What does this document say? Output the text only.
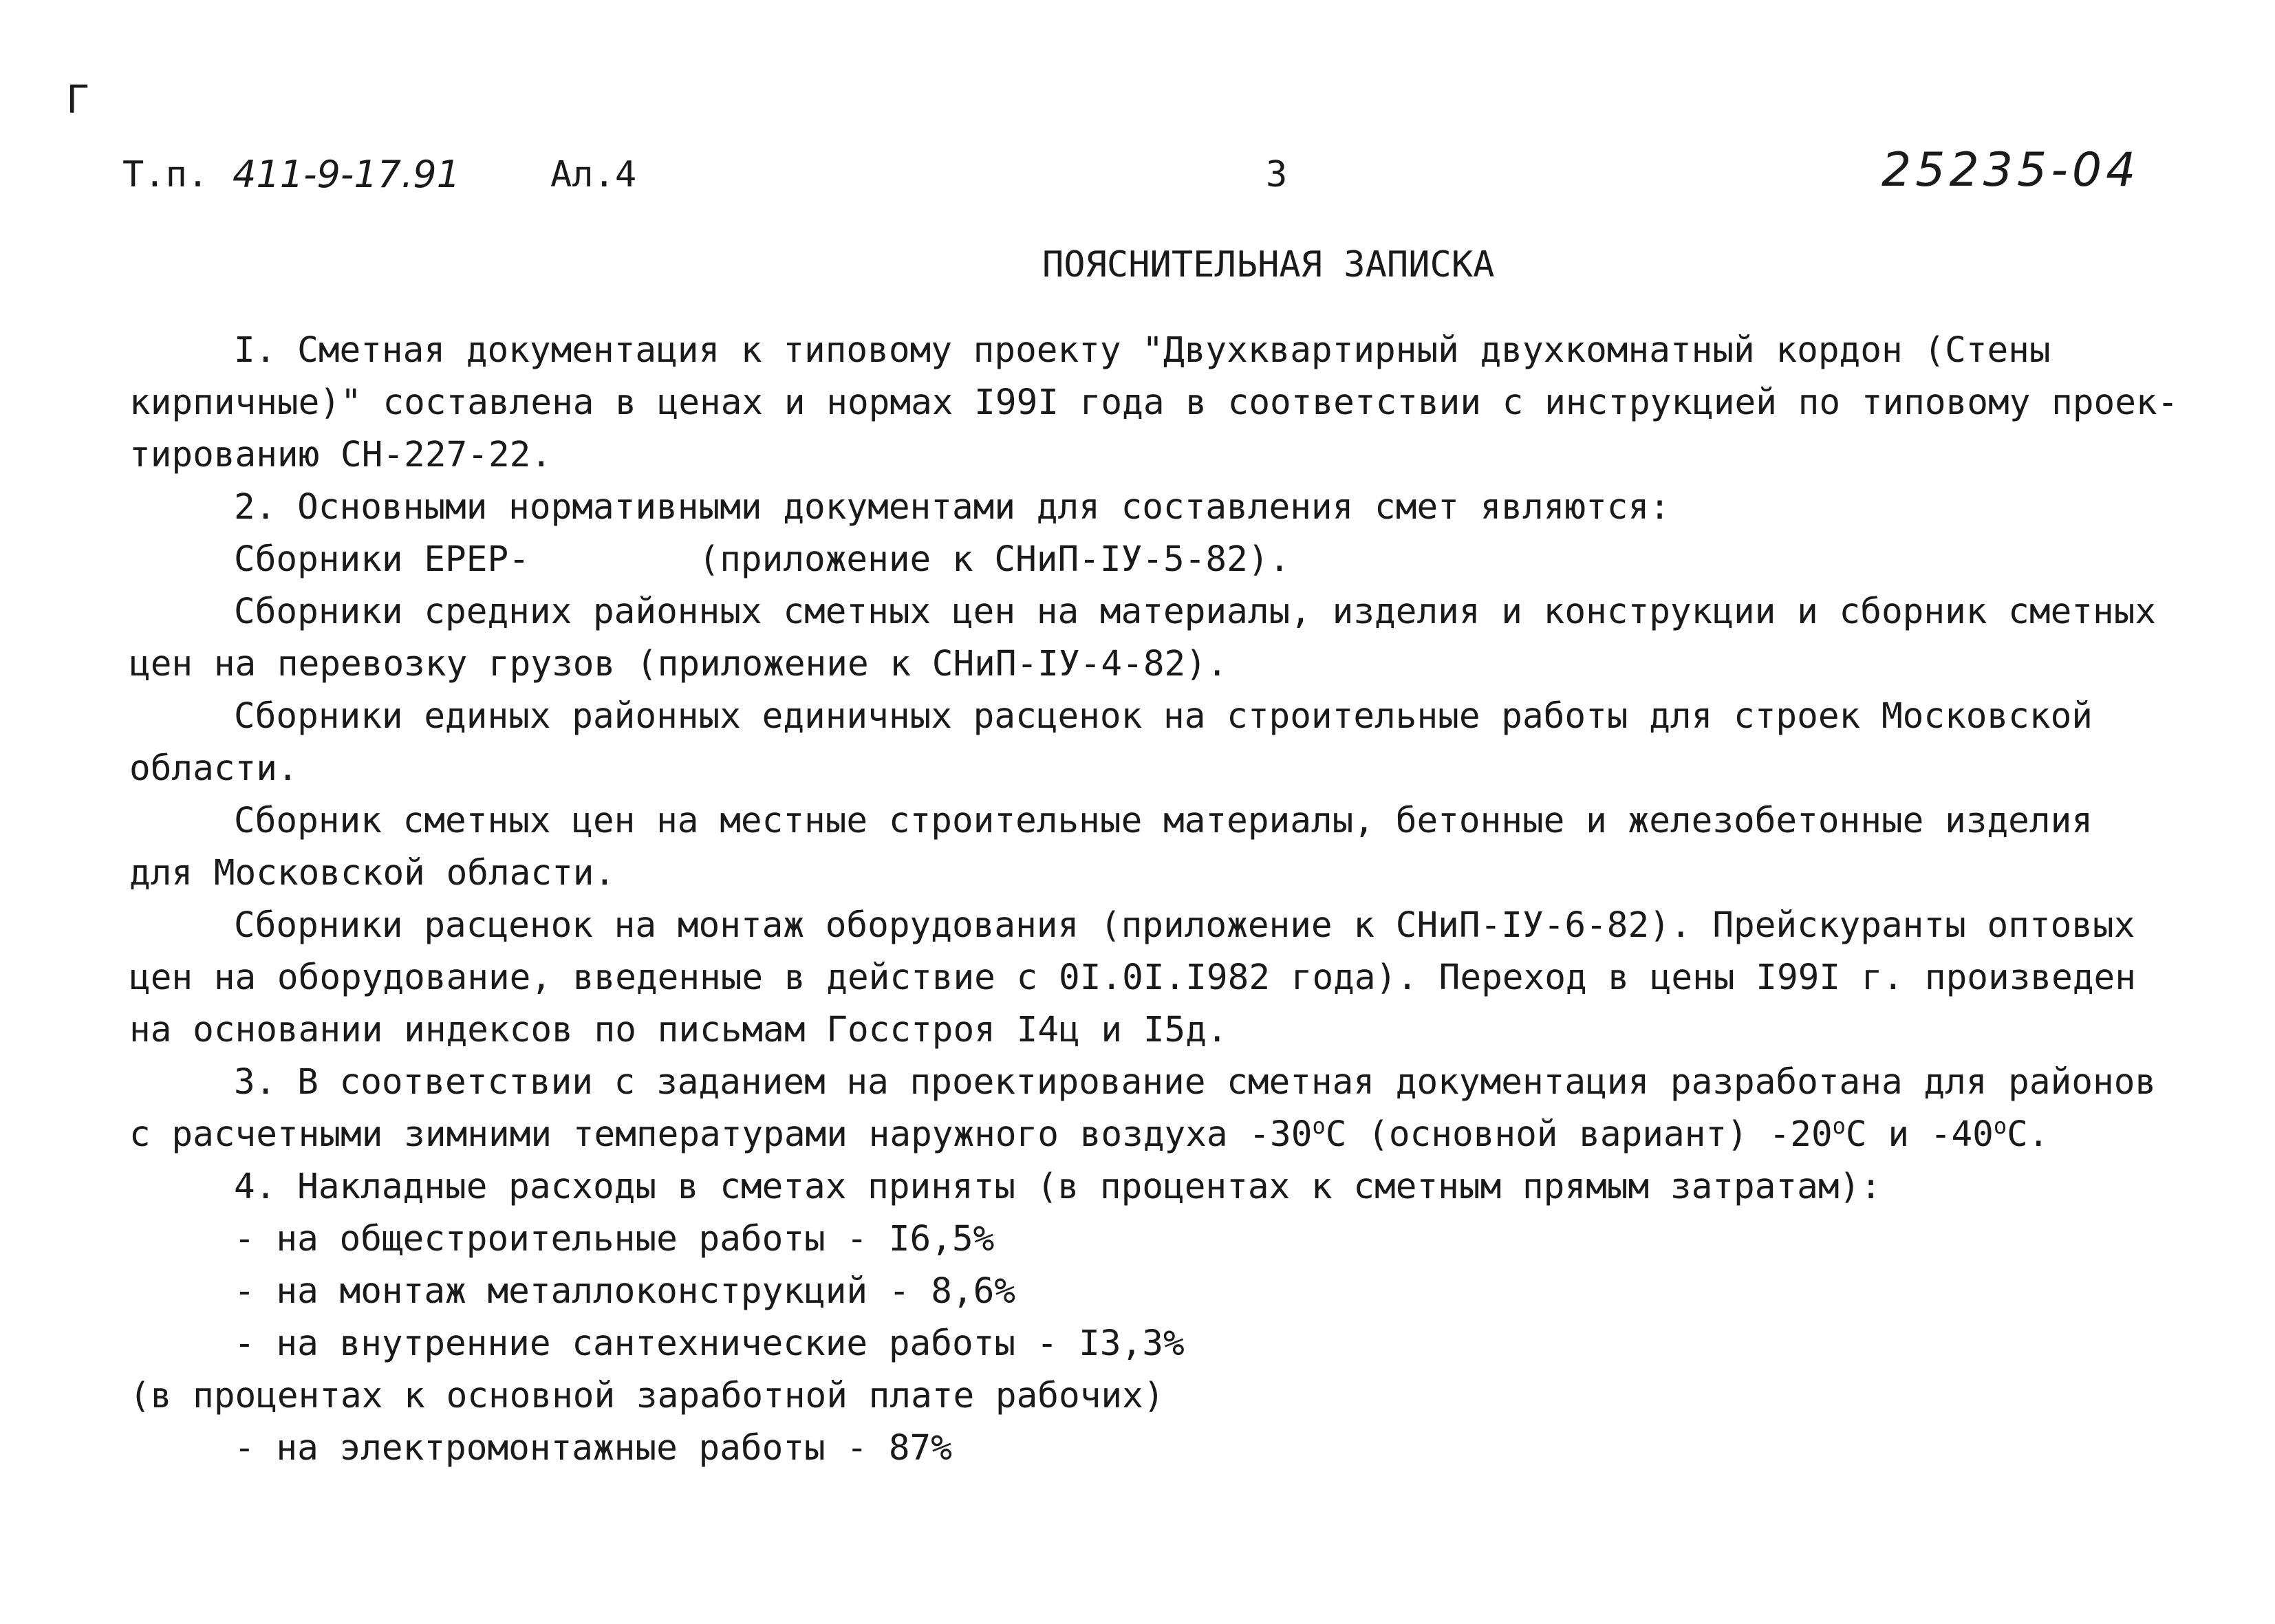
Г
Т.п. 411-9-17.91	Ал.4	3	25235-04
ПОЯСНИТЕЛЬНАЯ ЗАПИСКА
I. Сметная документация к типовому проекту "Двухквартирный двухкомнатный кордон (Стены
кирпичные)" составлена в ценах и нормах I99I года в соответствии с инструкцией по типовому проек-
тированию СН-227-22.
2. Основными нормативными документами для составления смет являются:
Сборники ЕРЕР-        (приложение к СНиП-IУ-5-82).
Сборники средних районных сметных цен на материалы, изделия и конструкции и сборник сметных
цен на перевозку грузов (приложение к СНиП-IУ-4-82).
Сборники единых районных единичных расценок на строительные работы для строек Московской
области.
Сборник сметных цен на местные строительные материалы, бетонные и железобетонные изделия
для Московской области.
Сборники расценок на монтаж оборудования (приложение к СНиП-IУ-6-82). Прейскуранты оптовых
цен на оборудование, введенные в действие с 0I.0I.I982 года). Переход в цены I99I г. произведен
на основании индексов по письмам Госстроя I4ц и I5д.
3. В соответствии с заданием на проектирование сметная документация разработана для районов
с расчетными зимними температурами наружного воздуха $-30^оС$ (основной вариант) $-20^оС$ и $-40^оС$.
4. Накладные расходы в сметах приняты (в процентах к сметным прямым затратам):
- на общестроительные работы - I6,5%
- на монтаж металлоконструкций - 8,6%
- на внутренние сантехнические работы - I3,3%
(в процентах к основной заработной плате рабочих)
- на электромонтажные работы - 87%
